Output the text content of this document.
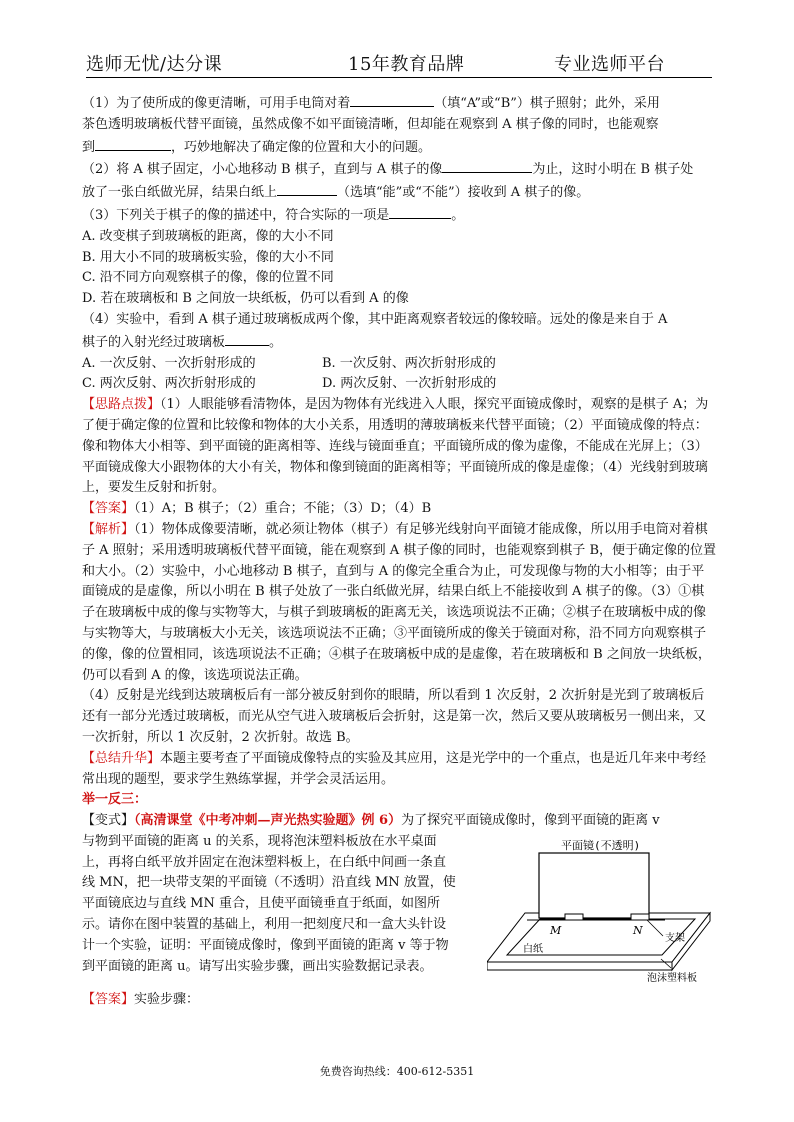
选师无忧/达分课	15年教育品牌	专业选师平台

（1）为了使所成的像更清晰，可用手电筒对着	（填“A”或“B”）棋子照射；此外，采用
茶色透明玻璃板代替平面镜，虽然成像不如平面镜清晰，但却能在观察到 A 棋子像的同时，也能观察
到	，巧妙地解决了确定像的位置和大小的问题。

（2）将 A 棋子固定，小心地移动 B 棋子，直到与 A 棋子的像	为止，这时小明在 B 棋子处
放了一张白纸做光屏，结果白纸上	（选填“能”或“不能”）接收到 A 棋子的像。

（3）下列关于棋子的像的描述中，符合实际的一项是	。

A. 改变棋子到玻璃板的距离，像的大小不同

B. 用大小不同的玻璃板实验，像的大小不同

C. 沿不同方向观察棋子的像，像的位置不同

D. 若在玻璃板和 B 之间放一块纸板，仍可以看到 A 的像

（4）实验中，看到 A 棋子通过玻璃板成两个像，其中距离观察者较远的像较暗。远处的像是来自于 A
棋子的入射光经过玻璃板	。

A. 一次反射、一次折射形成的	B. 一次反射、两次折射形成的
C. 两次反射、两次折射形成的	D. 两次反射、一次折射形成的

【思路点拨】（1）人眼能够看清物体，是因为物体有光线进入人眼，探究平面镜成像时，观察的是棋子 A；为了便于确定像的位置和比较像和物体的大小关系，用透明的薄玻璃板来代替平面镜；（2）平面镜成像的特点：像和物体大小相等、到平面镜的距离相等、连线与镜面垂直；平面镜所成的像为虚像，不能成在光屏上；（3）平面镜成像大小跟物体的大小有关，物体和像到镜面的距离相等；平面镜所成的像是虚像；（4）光线射到玻璃上，要发生反射和折射。

【答案】（1）A；B 棋子；（2）重合；不能；（3）D；（4）B

【解析】（1）物体成像要清晰，就必须让物体（棋子）有足够光线射向平面镜才能成像，所以用手电筒对着棋子 A 照射；采用透明玻璃板代替平面镜，能在观察到 A 棋子像的同时，也能观察到棋子 B，便于确定像的位置和大小。（2）实验中，小心地移动 B 棋子，直到与 A 的像完全重合为止，可发现像与物的大小相等；由于平面镜成的是虚像，所以小明在 B 棋子处放了一张白纸做光屏，结果白纸上不能接收到 A 棋子的像。（3）①棋子在玻璃板中成的像与实物等大，与棋子到玻璃板的距离无关，该选项说法不正确；②棋子在玻璃板中成的像与实物等大，与玻璃板大小无关，该选项说法不正确；③平面镜所成的像关于镜面对称，沿不同方向观察棋子的像，像的位置相同，该选项说法不正确；④棋子在玻璃板中成的是虚像，若在玻璃板和 B 之间放一块纸板，仍可以看到 A 的像，该选项说法正确。

（4）反射是光线到达玻璃板后有一部分被反射到你的眼睛，所以看到 1 次反射，2 次折射是光到了玻璃板后还有一部分光透过玻璃板，而光从空气进入玻璃板后会折射，这是第一次，然后又要从玻璃板另一侧出来，又一次折射，所以 1 次反射，2 次折射。故选 B。

【总结升华】本题主要考查了平面镜成像特点的实验及其应用，这是光学中的一个重点，也是近几年来中考经常出现的题型，要求学生熟练掌握，并学会灵活运用。

举一反三：

【变式】（高清课堂《中考冲刺—声光热实验题》例 6）为了探究平面镜成像时，像到平面镜的距离 v

与物到平面镜的距离 u 的关系，现将泡沫塑料板放在水平桌面

上，再将白纸平放并固定在泡沫塑料板上，在白纸中间画一条直

线 MN，把一块带支架的平面镜（不透明）沿直线 MN 放置，使

平面镜底边与直线 MN 重合，且使平面镜垂直于纸面，如图所

示。请你在图中装置的基础上，利用一把刻度尺和一盒大头针设

计一个实验，证明：平面镜成像时，像到平面镜的距离 v 等于物

到平面镜的距离 u。请写出实验步骤，画出实验数据记录表。

平面镜(不透明)
M	N
支架
白纸
泡沫塑料板
【答案】实验步骤：
免费咨询热线：400-612-5351
